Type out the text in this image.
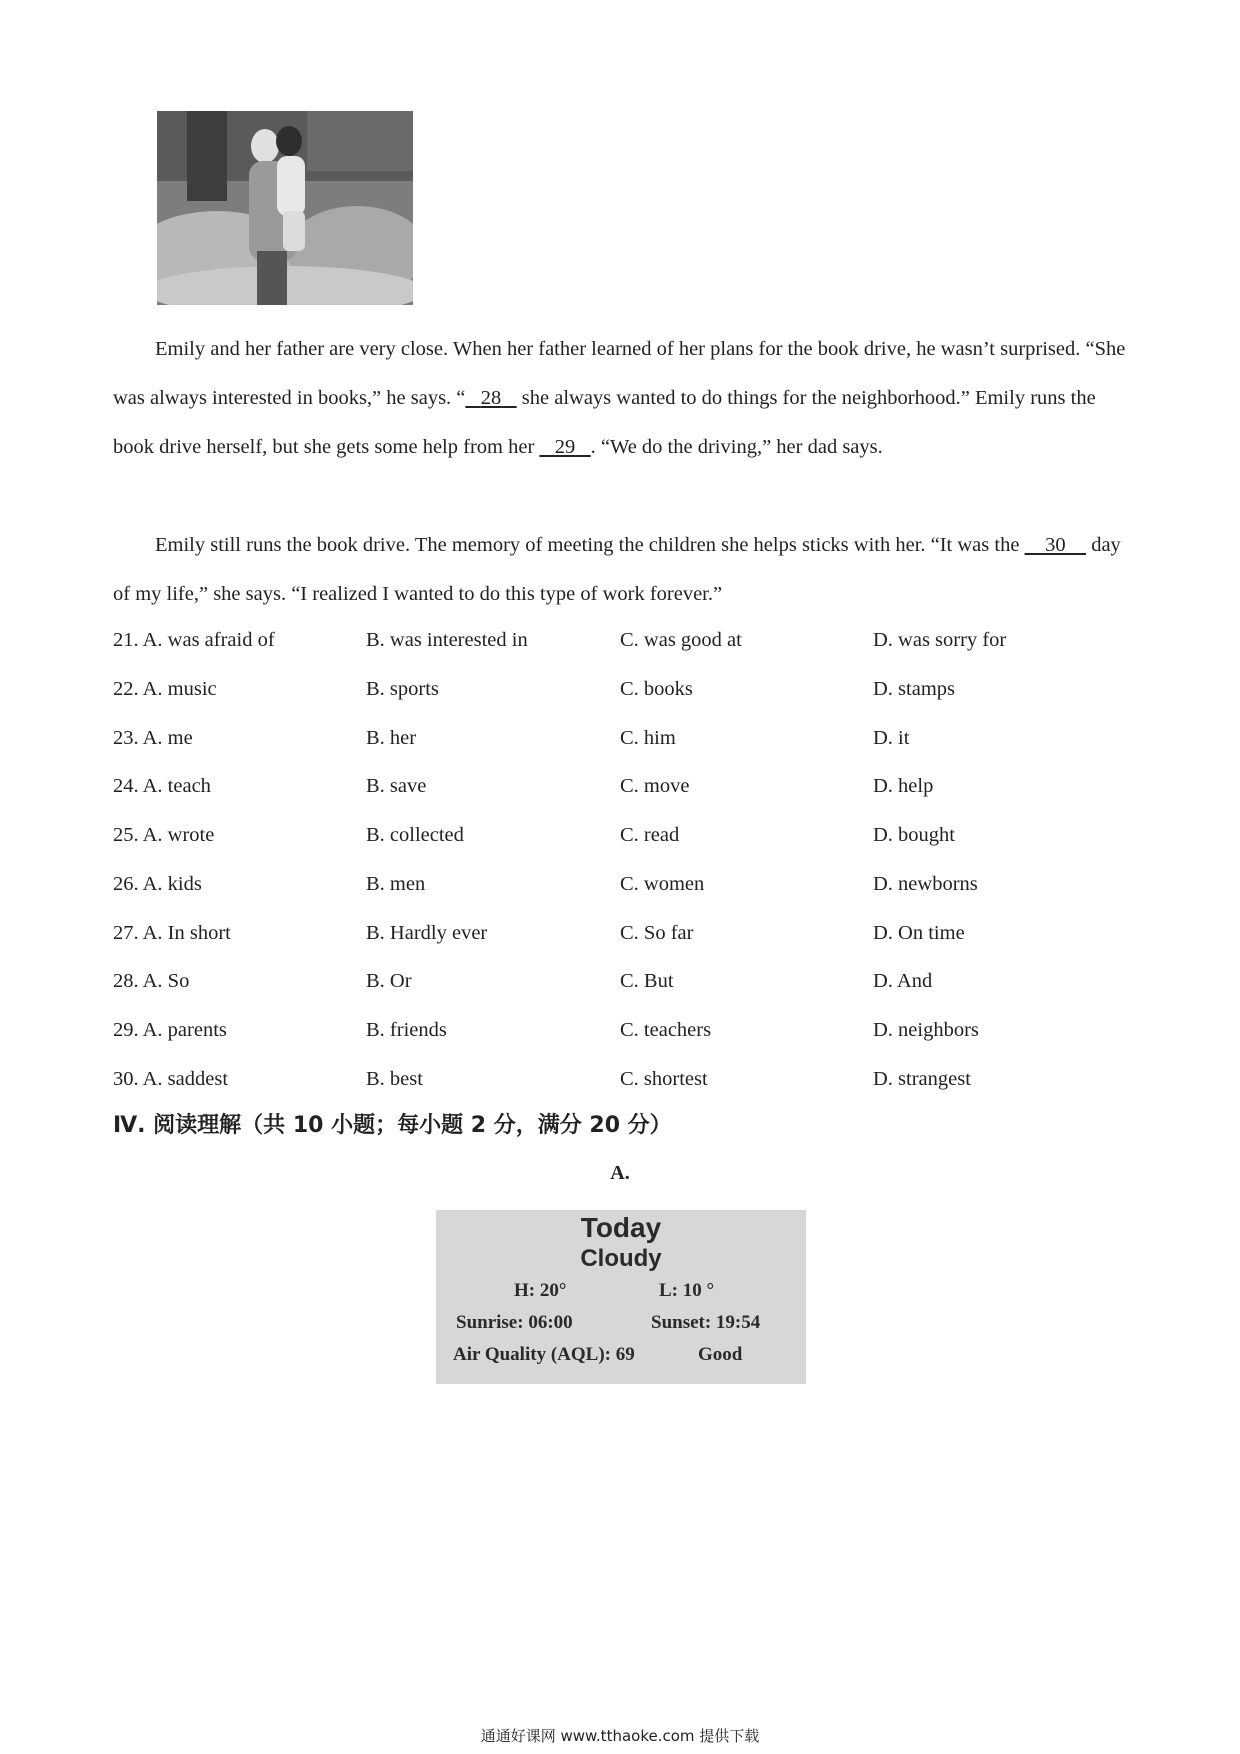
Emily and her father are very close. When her father learned of her plans for the book drive, he wasn’t surprised. “She was always interested in books,” he says. “ 28    she always wanted to do things for the neighborhood.” Emily runs the book drive herself, but she gets some help from her    29 . “We do the driving,” her dad says.

Emily still runs the book drive. The memory of meeting the children she helps sticks with her. “It was the     30     day of my life,” she says. “I realized I wanted to do this type of work forever.”

21. A. was afraid of	B. was interested in	C. was good at	D. was sorry for
22. A. music	B. sports	C. books	D. stamps
23. A. me	B. her	C. him	D. it
24. A. teach	B. save	C. move	D. help
25. A. wrote	B. collected	C. read	D. bought
26. A. kids	B. men	C. women	D. newborns
27. A. In short	B. Hardly ever	C. So far	D. On time
28. A. So	B. Or	C. But	D. And
29. A. parents	B. friends	C. teachers	D. neighbors
30. A. saddest	B. best	C. shortest	D. strangest
Ⅳ. 阅读理解（共 10 小题；每小题 2 分，满分 20 分）
A.
Today
Cloudy
H: 20°	L: 10 °
Sunrise: 06:00	Sunset: 19:54
Air Quality (AQL): 69	Good
通通好课网 www.tthaoke.com 提供下载
